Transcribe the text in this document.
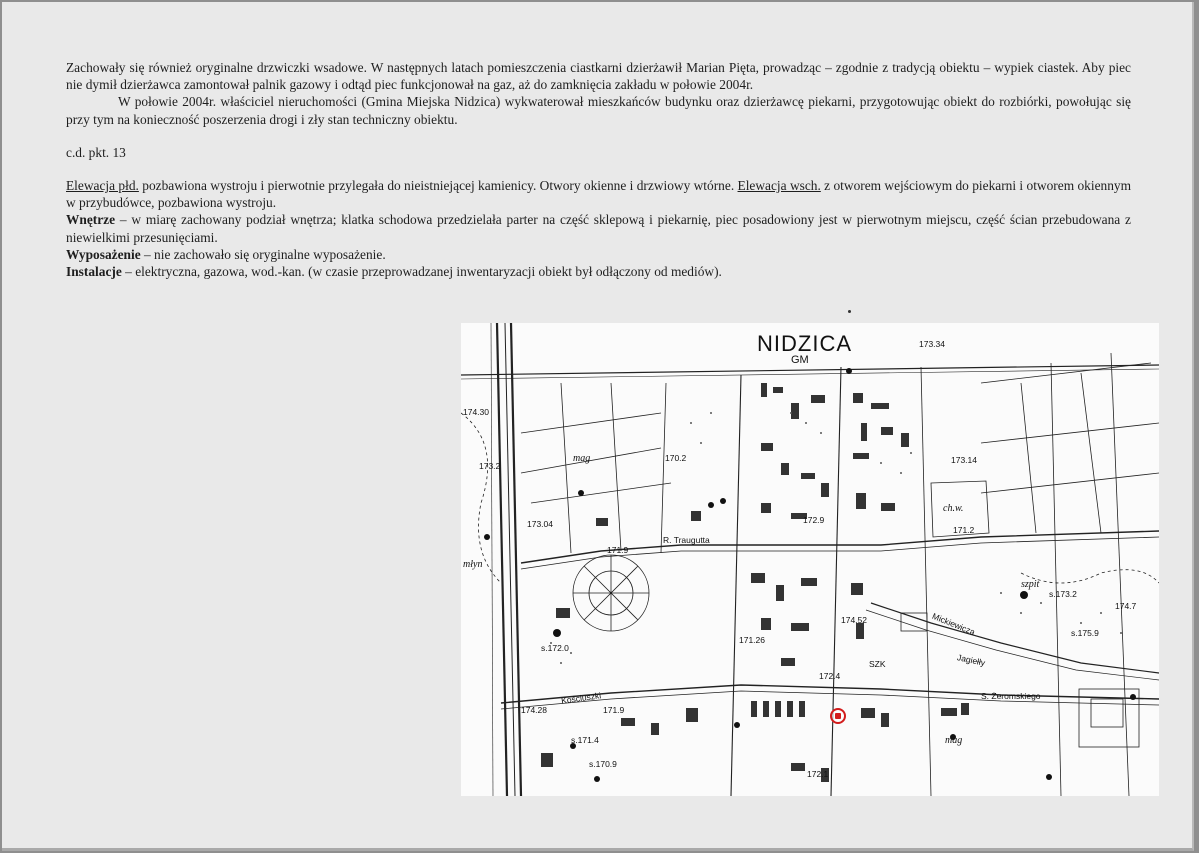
Zachowały się również oryginalne drzwiczki wsadowe. W następnych latach pomieszczenia ciastkarni dzierżawił Marian Pięta, prowadząc – zgodnie z tradycją obiektu – wypiek ciastek. Aby piec nie dymił dzierżawca zamontował palnik gazowy i odtąd piec funkcjonował na gaz, aż do zamknięcia zakładu w połowie 2004r.

W połowie 2004r. właściciel nieruchomości (Gmina Miejska Nidzica) wykwaterował mieszkańców budynku oraz dzierżawcę piekarni, przygotowując obiekt do rozbiórki, powołując się przy tym na konieczność poszerzenia drogi i zły stan techniczny obiektu.

c.d. pkt. 13

Elewacja płd. pozbawiona wystroju i pierwotnie przylegała do nieistniejącej kamienicy. Otwory okienne i drzwiowy wtórne. Elewacja wsch. z otworem wejściowym do piekarni i otworem okiennym w przybudówce, pozbawiona wystroju.

Wnętrze – w miarę zachowany podział wnętrza; klatka schodowa przedzielała parter na część sklepową i piekarnię, piec posadowiony jest w pierwotnym miejscu, część ścian przebudowana z niewielkimi przesunięciami.

Wyposażenie – nie zachowało się oryginalne wyposażenie.

Instalacje – elektryczna, gazowa, wod.-kan. (w czasie przeprowadzanej inwentaryzacji obiekt był odłączony od mediów).

NIDZICA
GM
174.30
173.2
173.04
171.9
170.2
172.9
173.14
171.2
173.34
s.172.0
171.26
174.52
172.4
174.28	171.9
s.171.4
s.170.9
172.1
s.173.2
174.7
s.175.9
R. Traugutta
Kościuszki
Mickiewicza
S. Żeromskiego
Jagiełły
mag
mag
szpit
ch.w.
młyn
SZK
